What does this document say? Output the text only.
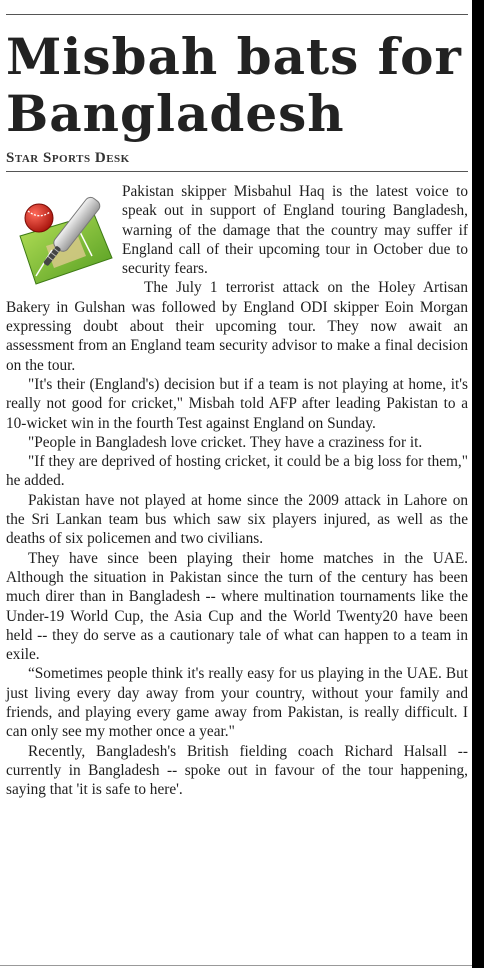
Misbah bats for
Bangladesh
Star Sports Desk

Pakistan skipper Misbahul Haq is the latest voice to speak out in support of England touring Bangladesh, warning of the damage that the country may suffer if England call of their upcoming tour in October due to security fears.

The July 1 terrorist attack on the Holey Artisan Bakery in Gulshan was followed by England ODI skipper Eoin Morgan expressing doubt about their upcoming tour. They now await an assessment from an England team security advisor to make a final decision on the tour.

"It's their (England's) decision but if a team is not playing at home, it's really not good for cricket," Misbah told AFP after leading Pakistan to a 10-wicket win in the fourth Test against England on Sunday.

"People in Bangladesh love cricket. They have a craziness for it.

"If they are deprived of hosting cricket, it could be a big loss for them," he added.

Pakistan have not played at home since the 2009 attack in Lahore on the Sri Lankan team bus which saw six players injured, as well as the deaths of six policemen and two civilians.

They have since been playing their home matches in the UAE. Although the situation in Pakistan since the turn of the century has been much direr than in Bangladesh -- where multination tournaments like the Under-19 World Cup, the Asia Cup and the World Twenty20 have been held -- they do serve as a cautionary tale of what can happen to a team in exile.

“Sometimes people think it's really easy for us playing in the UAE. But just living every day away from your country, without your family and friends, and playing every game away from Pakistan, is really difficult. I can only see my mother once a year."

Recently, Bangladesh's British fielding coach Richard Halsall -- currently in Bangladesh -- spoke out in favour of the tour happening, saying that 'it is safe to here'.
